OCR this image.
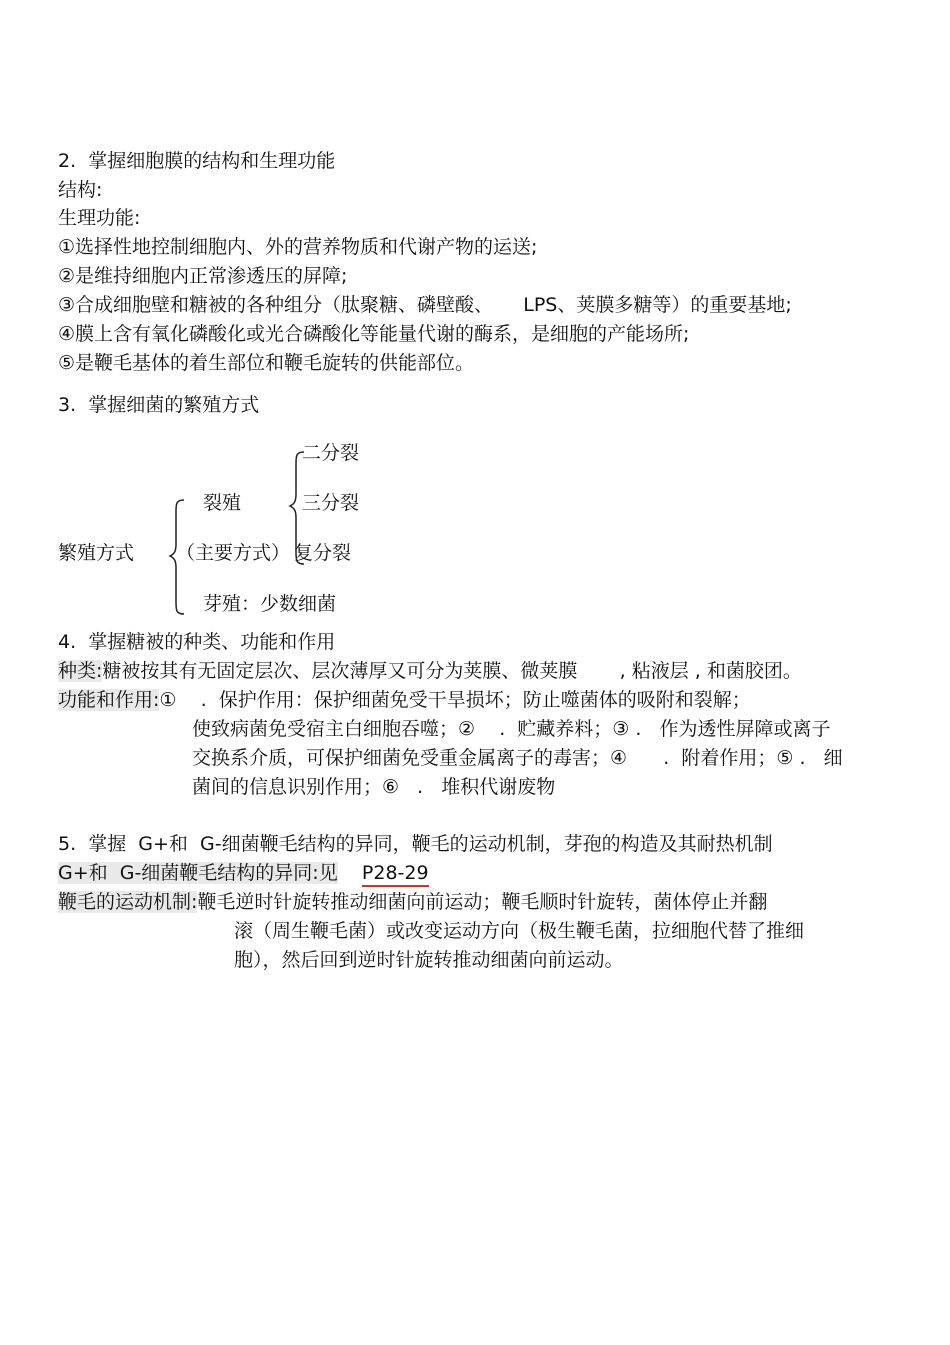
2.  掌握细胞膜的结构和生理功能
结构:
生理功能:
①选择性地控制细胞内、外的营养物质和代谢产物的运送;
②是维持细胞内正常渗透压的屏障;
③合成细胞壁和糖被的各种组分（肽聚糖、磷壁酸、     LPS、荚膜多糖等）的重要基地;
④膜上含有氧化磷酸化或光合磷酸化等能量代谢的酶系，是细胞的产能场所;
⑤是鞭毛基体的着生部位和鞭毛旋转的供能部位。
3.  掌握细菌的繁殖方式
繁殖方式
裂殖
（主要方式）
芽殖：少数细菌
二分裂
三分裂
复分裂
4.  掌握糖被的种类、功能和作用
种类:糖被按其有无固定层次、层次薄厚又可分为荚膜、微荚膜       , 粘液层 , 和菌胶团。
功能和作用:①    .  保护作用：保护细菌免受干旱损坏；防止噬菌体的吸附和裂解；
使致病菌免受宿主白细胞吞噬；②    .  贮藏养料；③ .   作为透性屏障或离子
交换系介质，可保护细菌免受重金属离子的毒害；④      .  附着作用；⑤ .   细
菌间的信息识别作用；⑥   .   堆积代谢废物
5.  掌握  G+和  G-细菌鞭毛结构的异同，鞭毛的运动机制，芽孢的构造及其耐热机制
G+和  G-细菌鞭毛结构的异同:见 P28-29
鞭毛的运动机制:鞭毛逆时针旋转推动细菌向前运动；鞭毛顺时针旋转，菌体停止并翻
滚（周生鞭毛菌）或改变运动方向（极生鞭毛菌，拉细胞代替了推细
胞），然后回到逆时针旋转推动细菌向前运动。
